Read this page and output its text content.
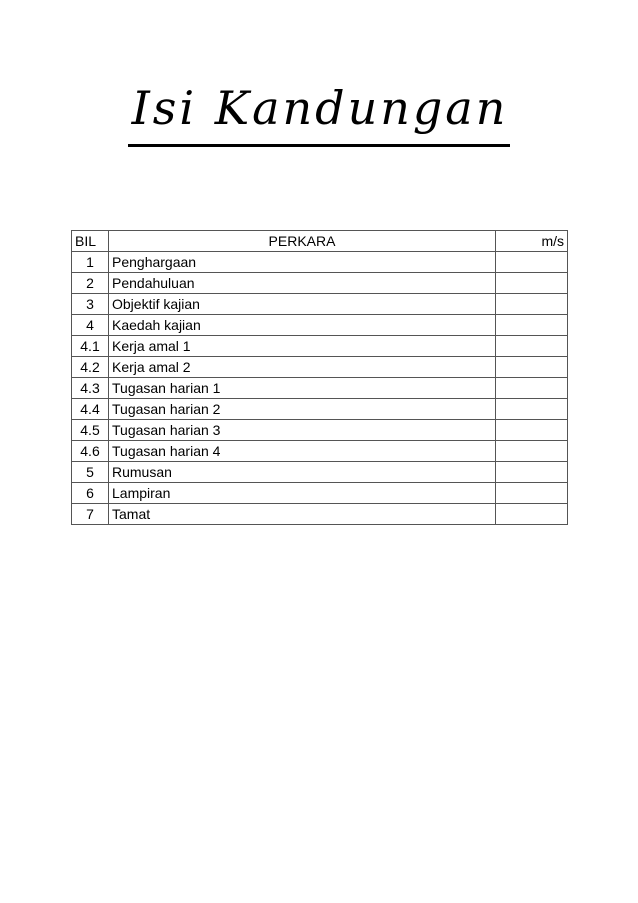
Isi Kandungan
BIL	PERKARA	m/s
1	Penghargaan	
2	Pendahuluan	
3	Objektif kajian	
4	Kaedah kajian	
4.1	Kerja amal 1	
4.2	Kerja amal 2	
4.3	Tugasan harian 1	
4.4	Tugasan harian 2	
4.5	Tugasan harian 3	
4.6	Tugasan harian 4	
5	Rumusan	
6	Lampiran	
7	Tamat	
